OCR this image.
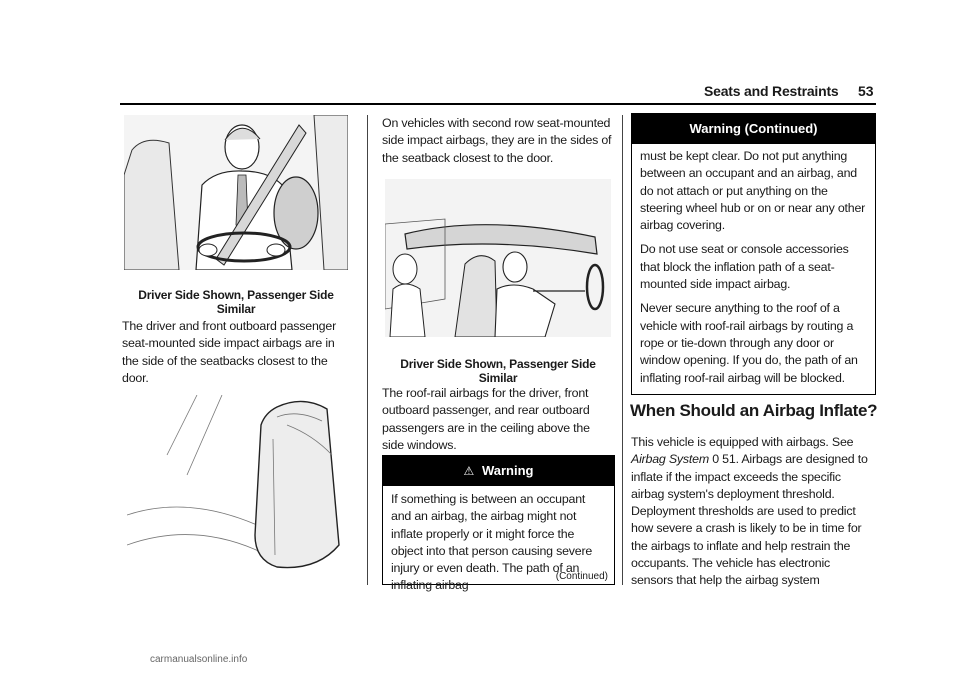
Seats and Restraints 53
Driver Side Shown, Passenger Side Similar
The driver and front outboard passenger seat-mounted side impact airbags are in the side of the seatbacks closest to the door.
On vehicles with second row seat-mounted side impact airbags, they are in the sides of the seatback closest to the door.
Driver Side Shown, Passenger Side Similar
The roof-rail airbags for the driver, front outboard passenger, and rear outboard passengers are in the ceiling above the side windows.
⚠ Warning
If something is between an occupant and an airbag, the airbag might not inflate properly or it might force the object into that person causing severe injury or even death. The path of an inflating airbag
(Continued)
Warning (Continued)

must be kept clear. Do not put anything between an occupant and an airbag, and do not attach or put anything on the steering wheel hub or on or near any other airbag covering.

Do not use seat or console accessories that block the inflation path of a seat-mounted side impact airbag.

Never secure anything to the roof of a vehicle with roof-rail airbags by routing a rope or tie-down through any door or window opening. If you do, the path of an inflating roof-rail airbag will be blocked.

When Should an Airbag Inflate?
This vehicle is equipped with airbags. See Airbag System 0 51. Airbags are designed to inflate if the impact exceeds the specific airbag system's deployment threshold. Deployment thresholds are used to predict how severe a crash is likely to be in time for the airbags to inflate and help restrain the occupants. The vehicle has electronic sensors that help the airbag system
carmanualsonline.info
